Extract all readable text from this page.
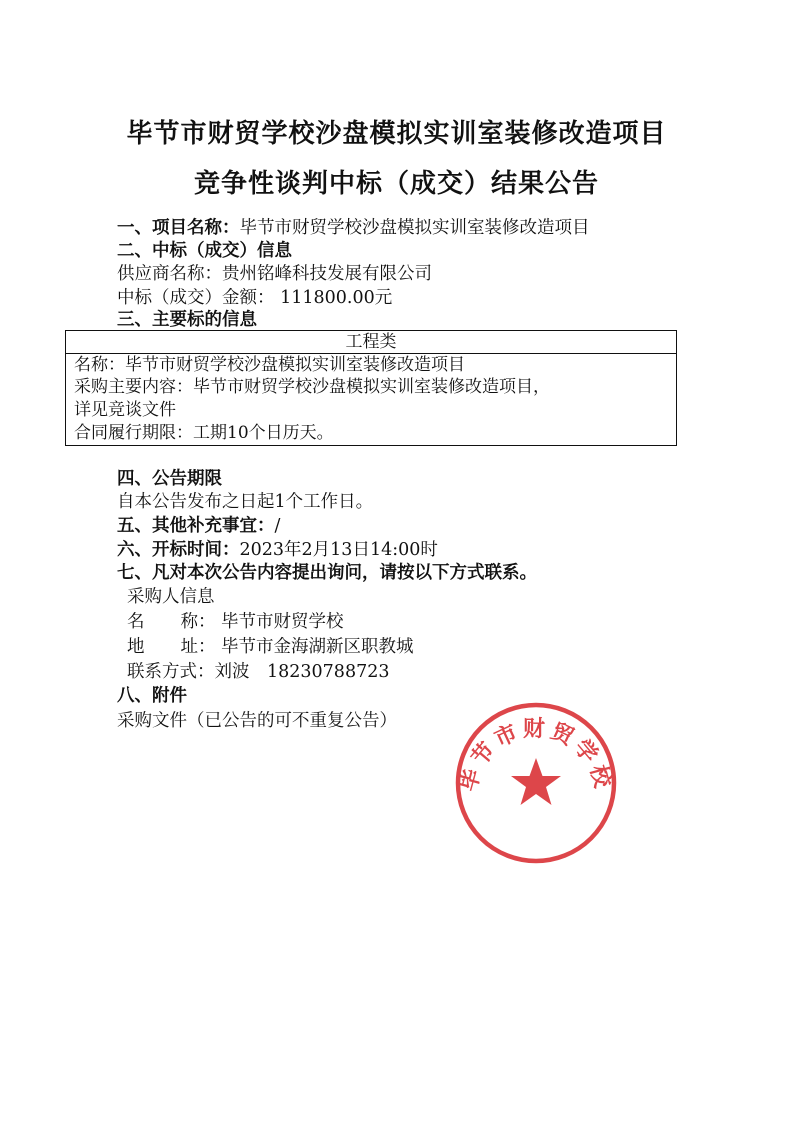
毕节市财贸学校沙盘模拟实训室装修改造项目
竞争性谈判中标（成交）结果公告
一、项目名称：毕节市财贸学校沙盘模拟实训室装修改造项目
二、中标（成交）信息
供应商名称：贵州铭峰科技发展有限公司
中标（成交）金额： 111800.00元
三、主要标的信息
工程类
名称：毕节市财贸学校沙盘模拟实训室装修改造项目
采购主要内容：毕节市财贸学校沙盘模拟实训室装修改造项目，
详见竞谈文件
合同履行期限：工期10个日历天。
四、公告期限
自本公告发布之日起1个工作日。
五、其他补充事宜：/
六、开标时间：2023年2月13日14:00时
七、凡对本次公告内容提出询问，请按以下方式联系。
采购人信息
名 称： 毕节市财贸学校
地 址： 毕节市金海湖新区职教城
联系方式：刘波　18230788723
八、附件
采购文件（已公告的可不重复公告）
毕节市财贸学校
